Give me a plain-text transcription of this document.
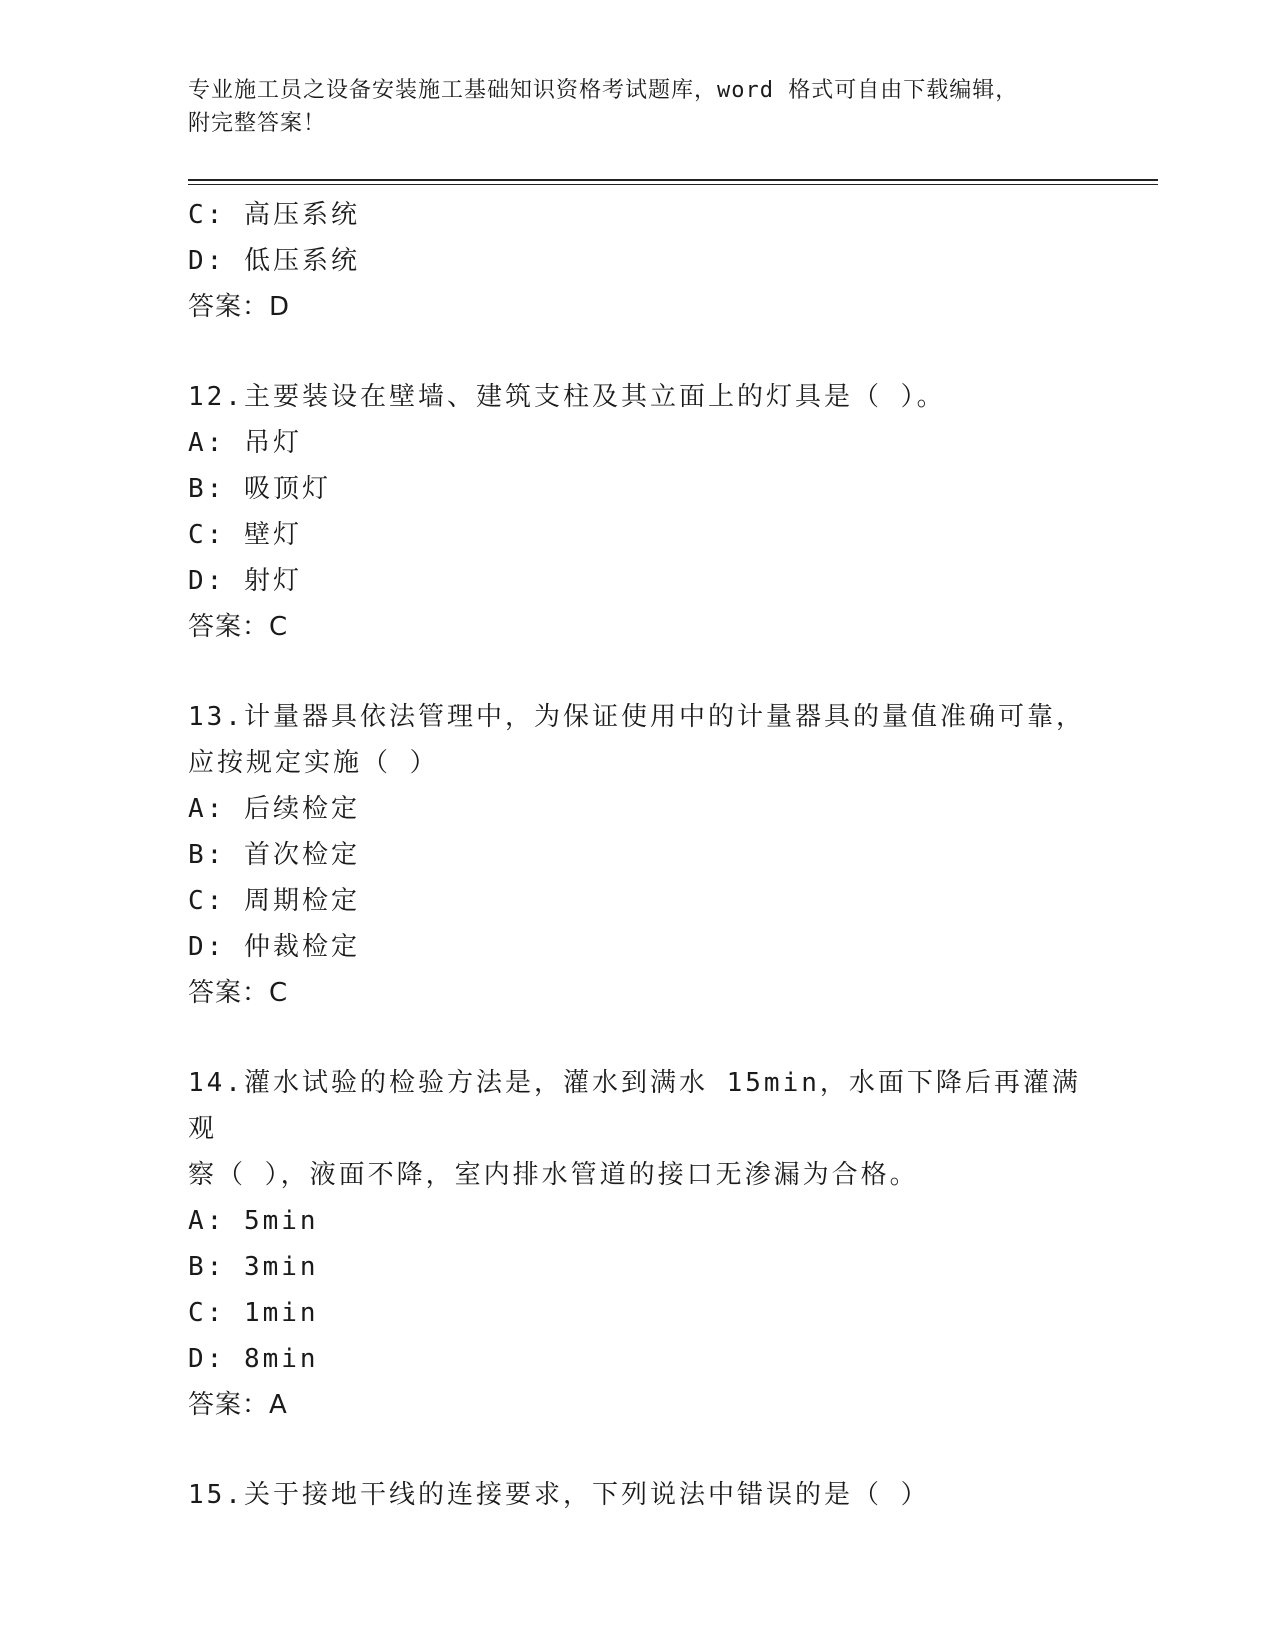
专业施工员之设备安装施工基础知识资格考试题库，word 格式可自由下载编辑，
附完整答案！
C: 高压系统
D: 低压系统
答案：D
12.主要装设在壁墙、建筑支柱及其立面上的灯具是（ ）。
A: 吊灯
B: 吸顶灯
C: 壁灯
D: 射灯
答案：C
13.计量器具依法管理中，为保证使用中的计量器具的量值准确可靠，
应按规定实施（ ）
A: 后续检定
B: 首次检定
C: 周期检定
D: 仲裁检定
答案：C
14.灌水试验的检验方法是，灌水到满水 15min，水面下降后再灌满观
察（ ），液面不降，室内排水管道的接口无渗漏为合格。
A: 5min
B: 3min
C: 1min
D: 8min
答案：A
15.关于接地干线的连接要求，下列说法中错误的是（ ）
